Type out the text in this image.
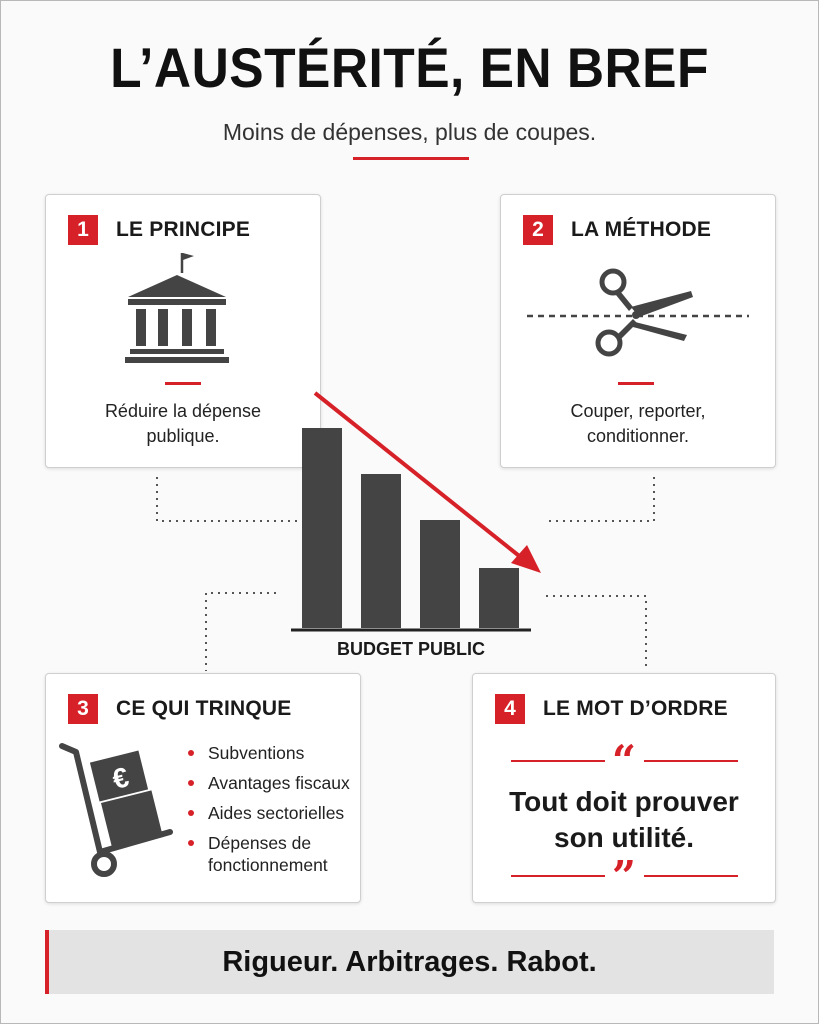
L’AUSTÉRITÉ, EN BREF
Moins de dépenses, plus de coupes.
1	LE PRINCIPE
Réduire la dépense
publique.
2	LA MÉTHODE
Couper, reporter,
conditionner.
BUDGET PUBLIC
3	CE QUI TRINQUE
€
Subventions
Avantages fiscaux
Aides sectorielles
Dépenses de
fonctionnement
4	LE MOT D’ORDRE
“
Tout doit prouver
son utilité.
”
Rigueur. Arbitrages. Rabot.
